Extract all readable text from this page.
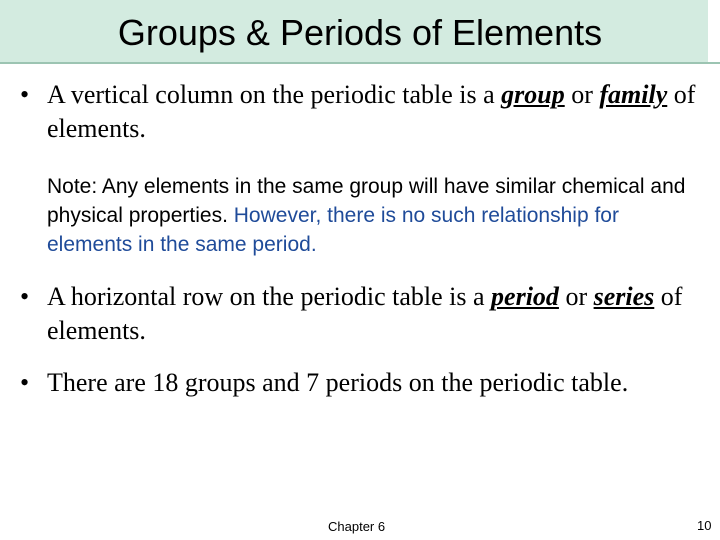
Groups & Periods of Elements
• A vertical column on the periodic table is a group or family of elements.
Note: Any elements in the same group will have similar chemical and physical properties. However, there is no such relationship for elements in the same period.
• A horizontal row on the periodic table is a period or series of elements.
• There are 18 groups and 7 periods on the periodic table.
Chapter 6	10
